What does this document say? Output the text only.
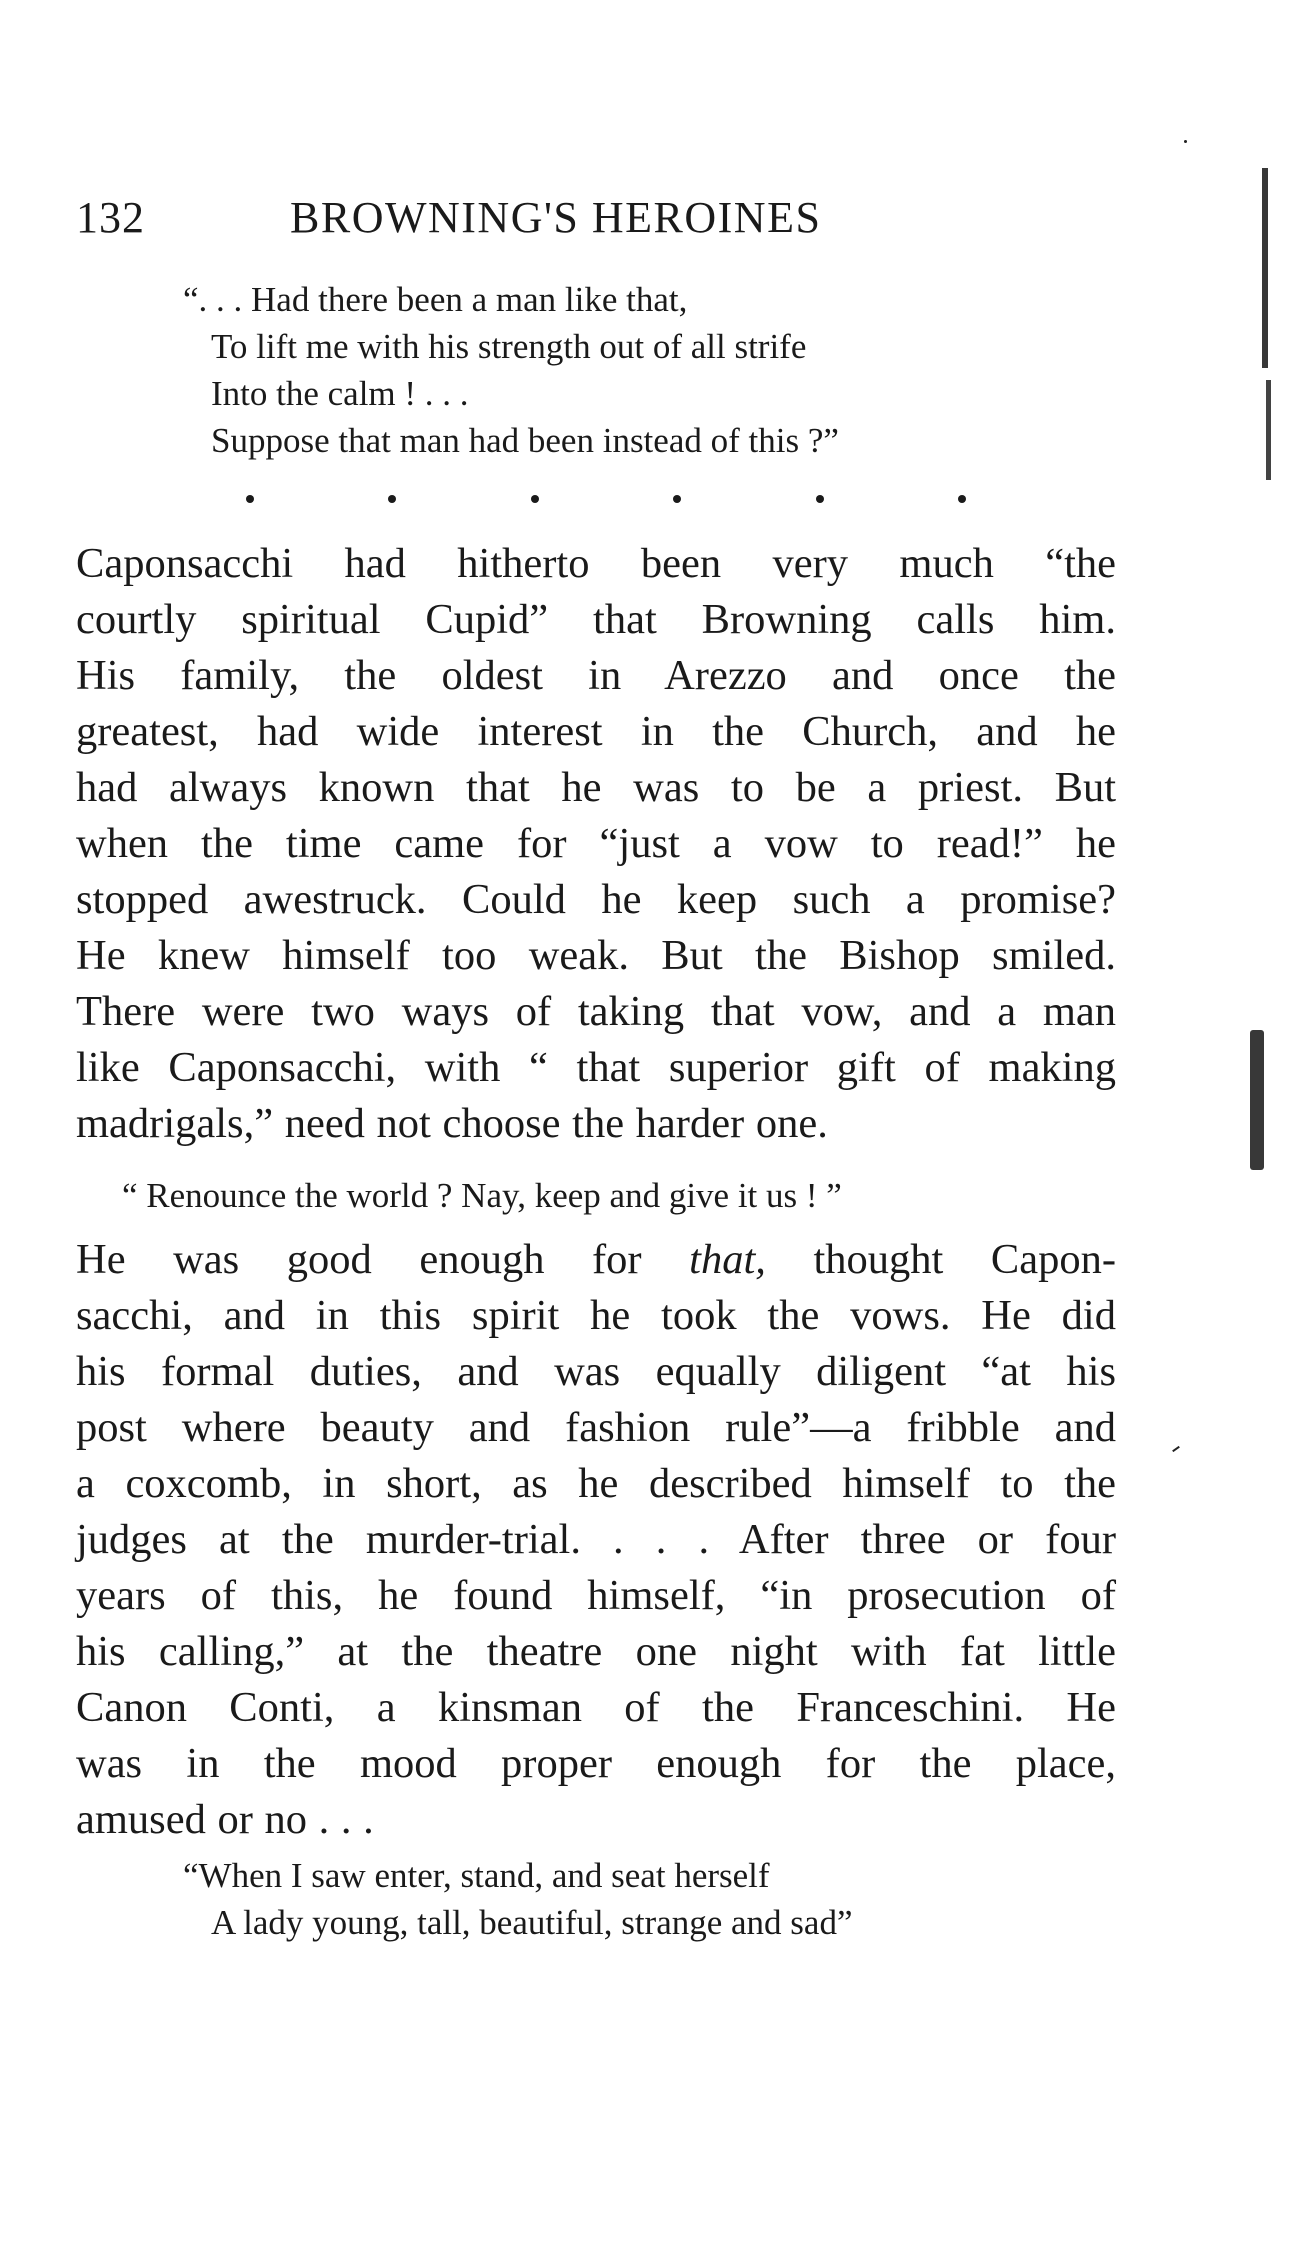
132	BROWNING'S HEROINES
“. . . Had there been a man like that,
To lift me with his strength out of all strife
Into the calm ! . . .
Suppose that man had been instead of this ?”

Caponsacchi had hitherto been very much “the

courtly spiritual Cupid” that Browning calls him.

His family, the oldest in Arezzo and once the

greatest, had wide interest in the Church, and he

had always known that he was to be a priest. But

when the time came for “just a vow to read!” he

stopped awestruck. Could he keep such a promise?

He knew himself too weak. But the Bishop smiled.

There were two ways of taking that vow, and a man

like Caponsacchi, with “ that superior gift of making

madrigals,” need not choose the harder one.

“ Renounce the world ? Nay, keep and give it us ! ”

He was good enough for that, thought Capon-

sacchi, and in this spirit he took the vows. He did

his formal duties, and was equally diligent “at his

post where beauty and fashion rule”—a fribble and

a coxcomb, in short, as he described himself to the

judges at the murder-trial. . . . After three or four

years of this, he found himself, “in prosecution of

his calling,” at the theatre one night with fat little

Canon Conti, a kinsman of the Franceschini. He

was in the mood proper enough for the place,

amused or no . . .

“When I saw enter, stand, and seat herself
A lady young, tall, beautiful, strange and sad”
